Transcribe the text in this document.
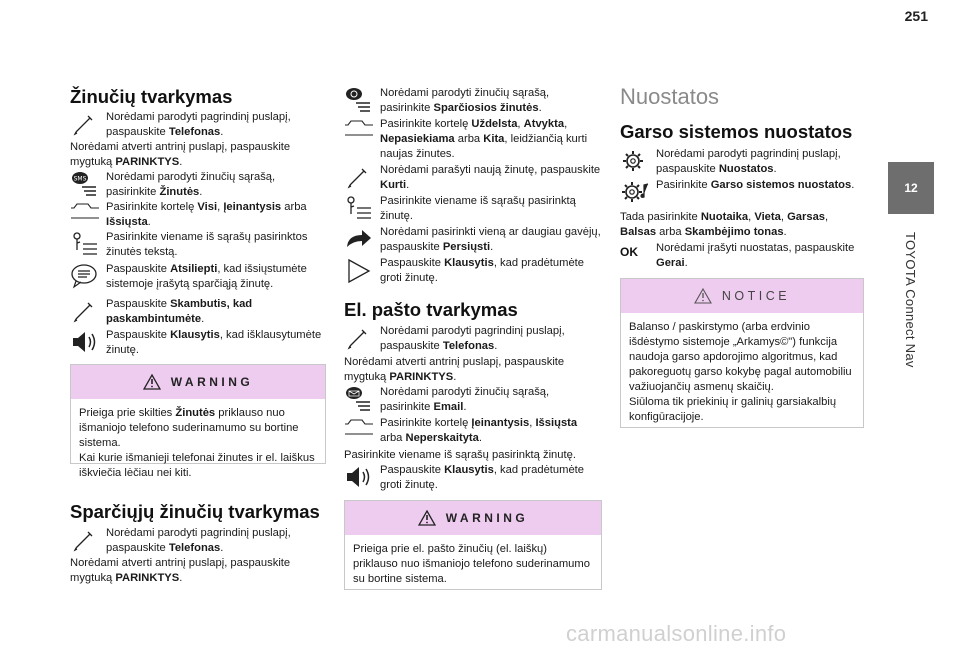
251
12
TOYOTA Connect Nav
Žinučių tvarkymas
Norėdami parodyti pagrindinį puslapį, paspauskite Telefonas.
Norėdami atverti antrinį puslapį, paspauskite mygtuką PARINKTYS.
SMS Norėdami parodyti žinučių sąrašą, pasirinkite Žinutės.
Pasirinkite kortelę Visi, Įeinantysis arba Išsiųsta.
Pasirinkite viename iš sąrašų pasirinktos žinutės tekstą.
Paspauskite Atsiliepti, kad išsiųstumėte sistemoje įrašytą sparčiąją žinutę.
Paspauskite Skambutis, kad paskambintumėte.
Paspauskite Klausytis, kad išklausytumėte žinutę.
WARNING
Prieiga prie skilties Žinutės priklauso nuo išmaniojo telefono suderinamumo su bortine sistema.
Kai kurie išmanieji telefonai žinutes ir el. laiškus iškviečia lėčiau nei kiti.
Sparčiųjų žinučių tvarkymas
Norėdami parodyti pagrindinį puslapį, paspauskite Telefonas.
Norėdami atverti antrinį puslapį, paspauskite mygtuką PARINKTYS.
Norėdami parodyti žinučių sąrašą, pasirinkite Sparčiosios žinutės.
Pasirinkite kortelę Uždelsta, Atvykta, Nepasiekiama arba Kita, leidžiančią kurti naujas žinutes.
Norėdami parašyti naują žinutę, paspauskite Kurti.
Pasirinkite viename iš sąrašų pasirinktą žinutę.
Norėdami pasirinkti vieną ar daugiau gavėjų, paspauskite Persiųsti.
Paspauskite Klausytis, kad pradėtumėte groti žinutę.
El. pašto tvarkymas
Norėdami parodyti pagrindinį puslapį, paspauskite Telefonas.
Norėdami atverti antrinį puslapį, paspauskite mygtuką PARINKTYS.
Norėdami parodyti žinučių sąrašą, pasirinkite Email.
Pasirinkite kortelę Įeinantysis, Išsiųsta arba Neperskaityta.
Pasirinkite viename iš sąrašų pasirinktą žinutę.
Paspauskite Klausytis, kad pradėtumėte groti žinutę.
WARNING
Prieiga prie el. pašto žinučių (el. laiškų) priklauso nuo išmaniojo telefono suderinamumo su bortine sistema.
Nuostatos
Garso sistemos nuostatos
Norėdami parodyti pagrindinį puslapį, paspauskite Nuostatos.
Pasirinkite Garso sistemos nuostatos.
Tada pasirinkite Nuotaika, Vieta, Garsas, Balsas arba Skambėjimo tonas.
OK Norėdami įrašyti nuostatas, paspauskite Gerai.
NOTICE
Balanso / paskirstymo (arba erdvinio išdėstymo sistemoje „Arkamys©") funkcija naudoja garso apdorojimo algoritmus, kad pakoreguotų garso kokybę pagal automobiliu važiuojančių asmenų skaičių.
Siūloma tik priekinių ir galinių garsiakalbių konfigūracijoje.
carmanualsonline.info
